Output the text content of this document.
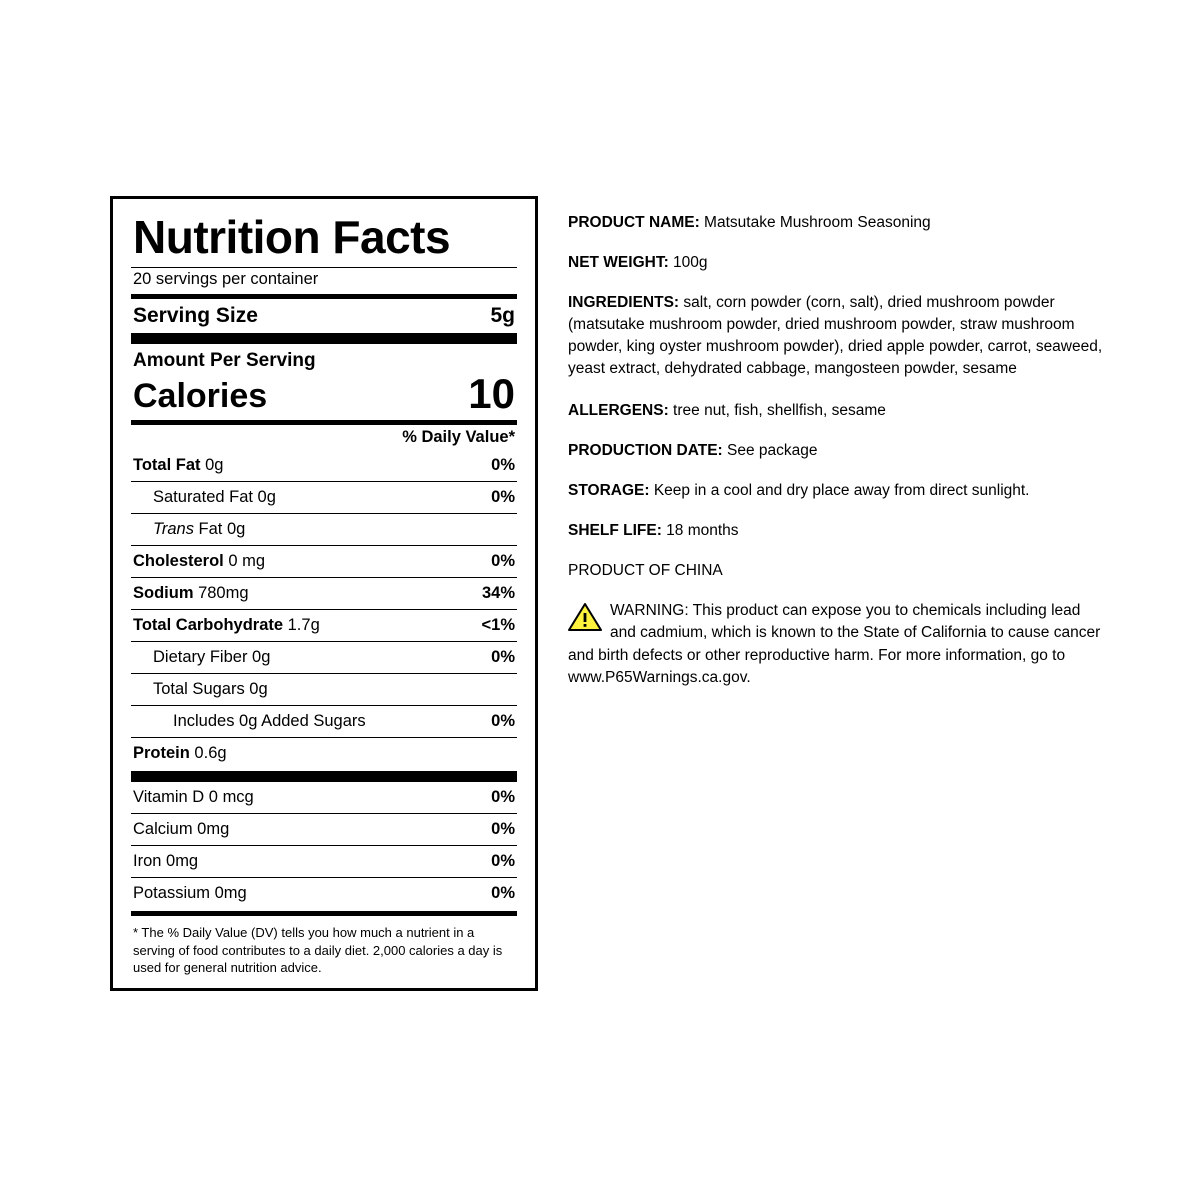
Nutrition Facts
20 servings per container
Serving Size	5g
Amount Per Serving
Calories	10
% Daily Value*
Total Fat 0g	0%
Saturated Fat 0g	0%
Trans Fat 0g
Cholesterol 0 mg	0%
Sodium 780mg	34%
Total Carbohydrate 1.7g	<1%
Dietary Fiber 0g	0%
Total Sugars 0g
Includes 0g Added Sugars	0%
Protein 0.6g
Vitamin D 0 mcg	0%
Calcium 0mg	0%
Iron 0mg	0%
Potassium 0mg	0%
* The % Daily Value (DV) tells you how much a nutrient in a serving of food contributes to a daily diet. 2,000 calories a day is used for general nutrition advice.

PRODUCT NAME: Matsutake Mushroom Seasoning

NET WEIGHT: 100g

INGREDIENTS: salt, corn powder (corn, salt), dried mushroom powder (matsutake mushroom powder, dried mushroom powder, straw mushroom powder, king oyster mushroom powder), dried apple powder, carrot, seaweed, yeast extract, dehydrated cabbage, mangosteen powder, sesame

ALLERGENS: tree nut, fish, shellfish, sesame

PRODUCTION DATE: See package

STORAGE: Keep in a cool and dry place away from direct sunlight.

SHELF LIFE: 18 months

PRODUCT OF CHINA

WARNING: This product can expose you to chemicals including lead and cadmium, which is known to the State of California to cause cancer and birth defects or other reproductive harm. For more information, go to www.P65Warnings.ca.gov.
